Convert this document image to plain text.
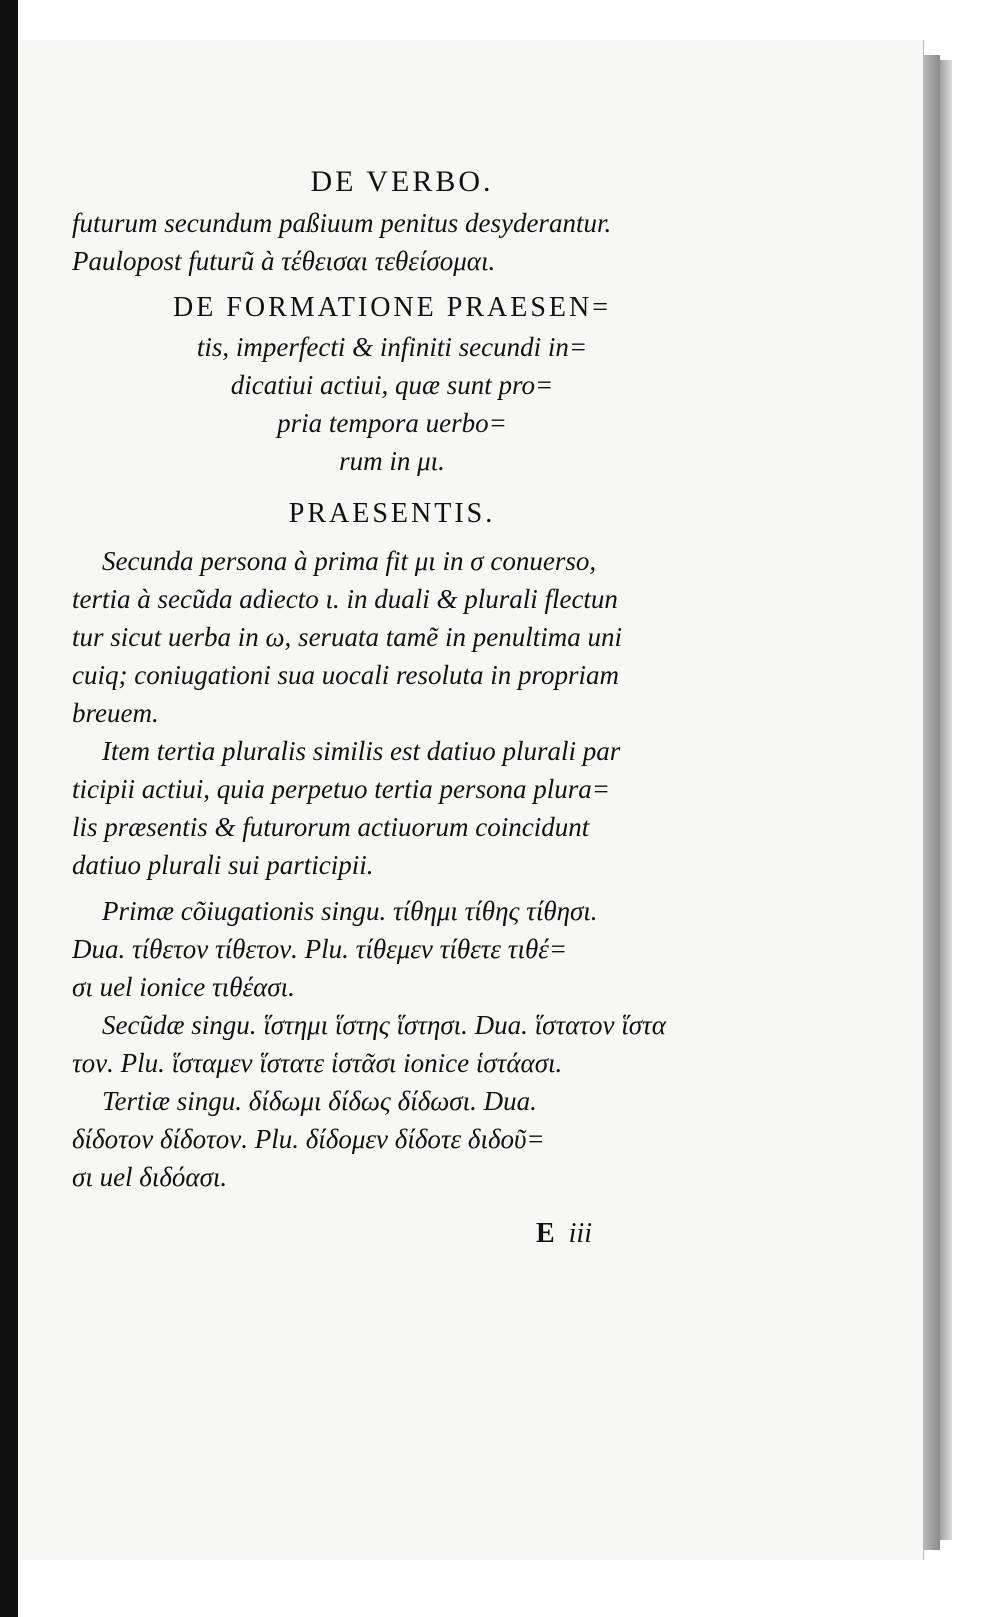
DE VERBO.
futurum secundum paßiuum penitus desyderantur.
Paulopost futurũ à τέθεισαι τεθείσομαι.
DE FORMATIONE PRAESEN=
tis, imperfecti & infiniti secundi in=
dicatiui actiui, quæ sunt pro=
pria tempora uerbo=
rum in μι.
PRAESENTIS.
Secunda persona à prima fit μι in σ conuerso,
tertia à secũda adiecto ι. in duali & plurali flectun
tur sicut uerba in ω, seruata tamẽ in penultima uni
cuiq; coniugationi sua uocali resoluta in propriam
breuem.
Item tertia pluralis similis est datiuo plurali par
ticipii actiui, quia perpetuo tertia persona plura=
lis præsentis & futurorum actiuorum coincidunt
datiuo plurali sui participii.
Primæ cõiugationis singu. τίθημι τίθης τίθησι.
Dua. τίθετον τίθετον. Plu. τίθεμεν τίθετε τιθέ=
σι uel ionice τιθέασι.
Secũdæ singu. ἵστημι ἵστης ἵστησι. Dua. ἵστατον ἵστα
τον. Plu. ἵσταμεν ἵστατε ἱστᾶσι ionice ἱστάασι.
Tertiæ singu. δίδωμι δίδως δίδωσι. Dua.
δίδοτον δίδοτον. Plu. δίδομεν δίδοτε διδοῦ=
σι uel διδόασι.
E iii
